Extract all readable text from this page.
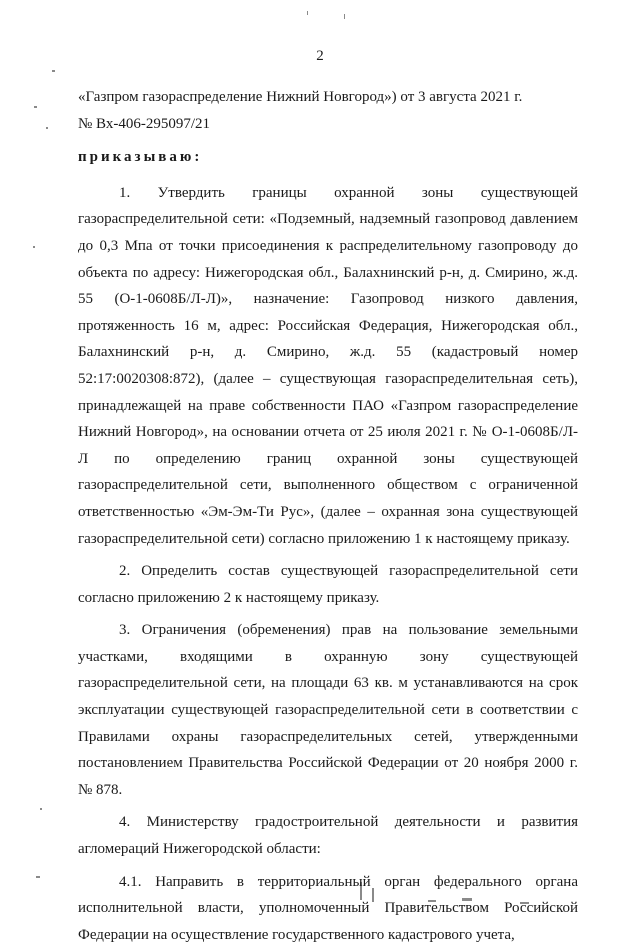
2

«Газпром газораспределение Нижний Новгород») от 3 августа 2021 г.

№ Вх-406-295097/21

приказываю:

1. Утвердить границы охранной зоны существующей газораспределительной сети: «Подземный, надземный газопровод давлением до 0,3 Мпа от точки присоединения к распределительному газопроводу до объекта по адресу: Нижегородская обл., Балахнинский р-н, д. Смирино, ж.д. 55 (О-1-0608Б/Л-Л)», назначение: Газопровод низкого давления, протяженность 16 м, адрес: Российская Федерация, Нижегородская обл., Балахнинский р-н, д. Смирино, ж.д. 55 (кадастровый номер 52:17:0020308:872), (далее – существующая газораспределительная сеть), принадлежащей на праве собственности ПАО «Газпром газораспределение Нижний Новгород», на основании отчета от 25 июля 2021 г. № О-1-0608Б/Л-Л по определению границ охранной зоны существующей газораспределительной сети, выполненного обществом с ограниченной ответственностью «Эм-Эм-Ти Рус», (далее – охранная зона существующей газораспределительной сети) согласно приложению 1 к настоящему приказу.

2. Определить состав существующей газораспределительной сети согласно приложению 2 к настоящему приказу.

3. Ограничения (обременения) прав на пользование земельными участками, входящими в охранную зону существующей газораспределительной сети, на площади 63 кв. м устанавливаются на срок эксплуатации существующей газораспределительной сети в соответствии с Правилами охраны газораспределительных сетей, утвержденными постановлением Правительства Российской Федерации от 20 ноября 2000 г. № 878.

4. Министерству градостроительной деятельности и развития агломераций Нижегородской области:

4.1. Направить в территориальный орган федерального органа исполнительной власти, уполномоченный Правительством Российской Федерации на осуществление государственного кадастрового учета,
